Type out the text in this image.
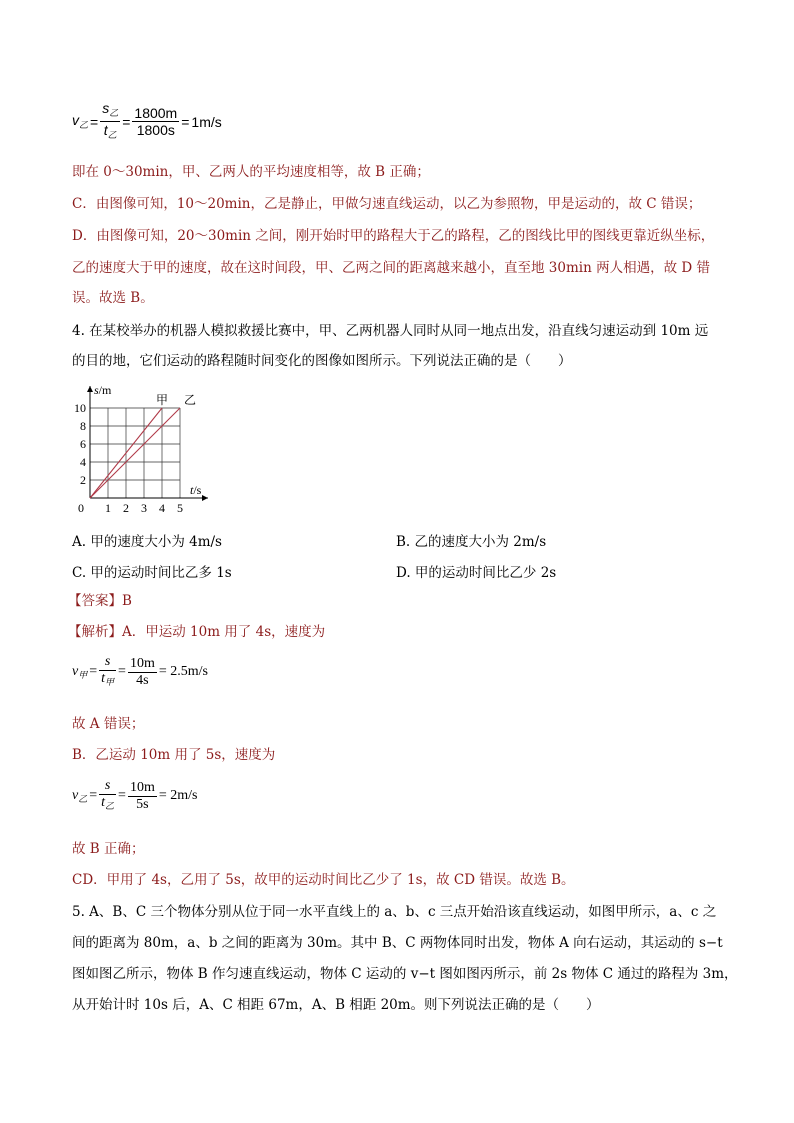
$v_乙 = \frac{s_乙}{t_乙} = \frac{1800m}{1800s} = 1m/s$
即在 0～30min，甲、乙两人的平均速度相等，故 B 正确；
C．由图像可知，10～20min，乙是静止，甲做匀速直线运动，以乙为参照物，甲是运动的，故 C 错误；
D．由图像可知，20～30min 之间，刚开始时甲的路程大于乙的路程，乙的图线比甲的图线更靠近纵坐标，
乙的速度大于甲的速度，故在这时间段，甲、乙两之间的距离越来越小，直至地 30min 两人相遇，故 D 错
误。故选 B。
4. 在某校举办的机器人模拟救援比赛中，甲、乙两机器人同时从同一地点出发，沿直线匀速运动到 10m 远
的目的地，它们运动的路程随时间变化的图像如图所示。下列说法正确的是（　　）
1 2 3 4 5
2
4
6
8
10
0
s/m
t/s
甲 乙
A. 甲的速度大小为 4m/s	B. 乙的速度大小为 2m/s
C. 甲的运动时间比乙多 1s	D. 甲的运动时间比乙少 2s
【答案】B
【解析】A．甲运动 10m 用了 4s，速度为
$v_甲 = \frac{s}{t_甲} = \frac{10m}{4s} = 2.5m/s$
故 A 错误；
B．乙运动 10m 用了 5s，速度为
$v_乙 = \frac{s}{t_乙} = \frac{10m}{5s} = 2m/s$
故 B 正确；
CD．甲用了 4s，乙用了 5s，故甲的运动时间比乙少了 1s，故 CD 错误。故选 B。
5. A、B、C 三个物体分别从位于同一水平直线上的 a、b、c 三点开始沿该直线运动，如图甲所示，a、c 之
间的距离为 80m，a、b 之间的距离为 30m。其中 B、C 两物体同时出发，物体 A 向右运动，其运动的 s−t
图如图乙所示，物体 B 作匀速直线运动，物体 C 运动的 v−t 图如图丙所示，前 2s 物体 C 通过的路程为 3m，
从开始计时 10s 后，A、C 相距 67m，A、B 相距 20m。则下列说法正确的是（　　）
